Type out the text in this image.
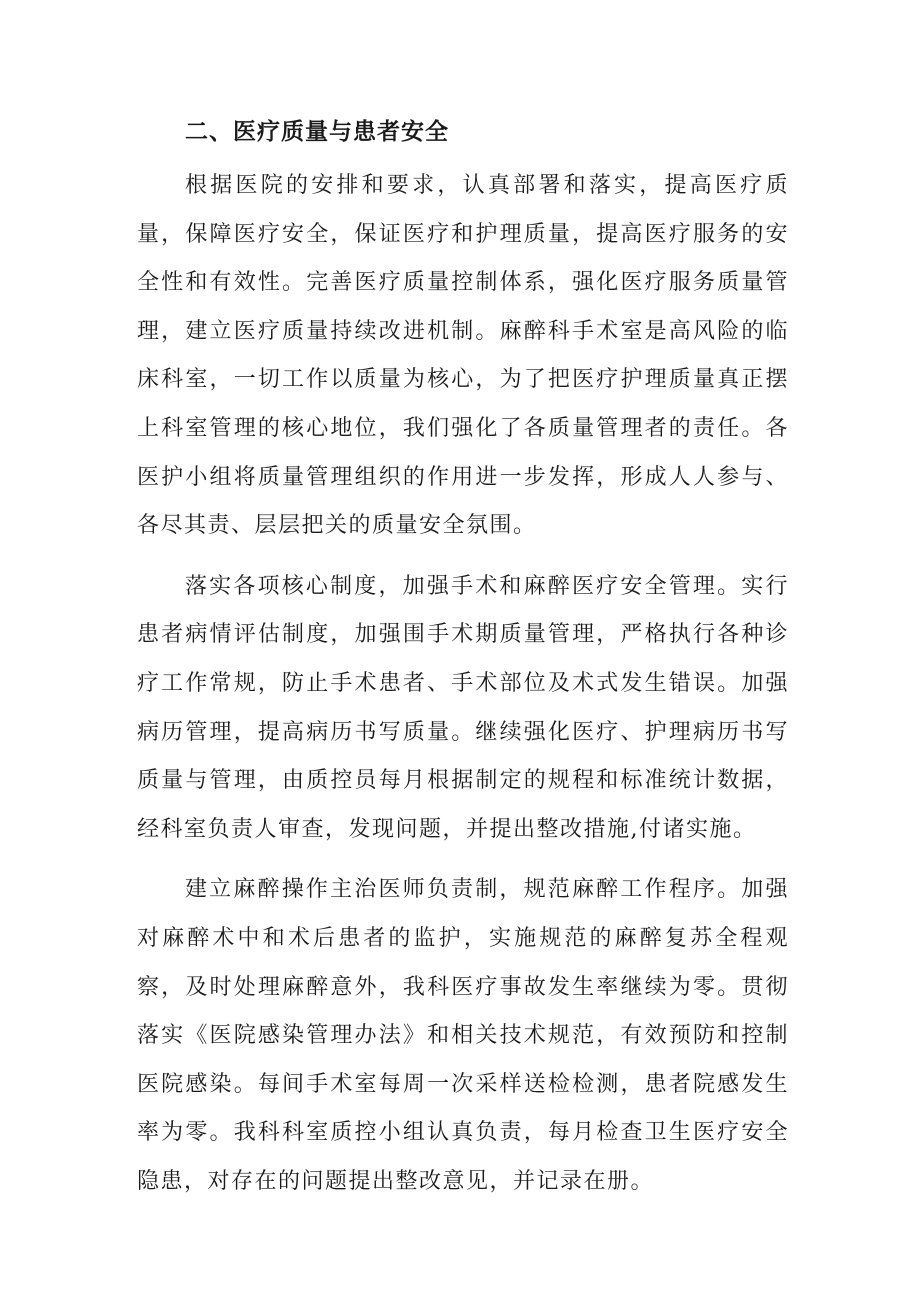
二、医疗质量与患者安全

根据医院的安排和要求，认真部署和落实，提高医疗质量，保障医疗安全，保证医疗和护理质量，提高医疗服务的安全性和有效性。完善医疗质量控制体系，强化医疗服务质量管理，建立医疗质量持续改进机制。麻醉科手术室是高风险的临床科室，一切工作以质量为核心，为了把医疗护理质量真正摆上科室管理的核心地位，我们强化了各质量管理者的责任。各医护小组将质量管理组织的作用进一步发挥，形成人人参与、各尽其责、层层把关的质量安全氛围。

落实各项核心制度，加强手术和麻醉医疗安全管理。实行患者病情评估制度，加强围手术期质量管理，严格执行各种诊疗工作常规，防止手术患者、手术部位及术式发生错误。加强病历管理，提高病历书写质量。继续强化医疗、护理病历书写质量与管理，由质控员每月根据制定的规程和标准统计数据，经科室负责人审查，发现问题，并提出整改措施,付诸实施。

建立麻醉操作主治医师负责制，规范麻醉工作程序。加强对麻醉术中和术后患者的监护，实施规范的麻醉复苏全程观察，及时处理麻醉意外，我科医疗事故发生率继续为零。贯彻落实《医院感染管理办法》和相关技术规范，有效预防和控制医院感染。每间手术室每周一次采样送检检测，患者院感发生率为零。我科科室质控小组认真负责，每月检查卫生医疗安全隐患，对存在的问题提出整改意见，并记录在册。
